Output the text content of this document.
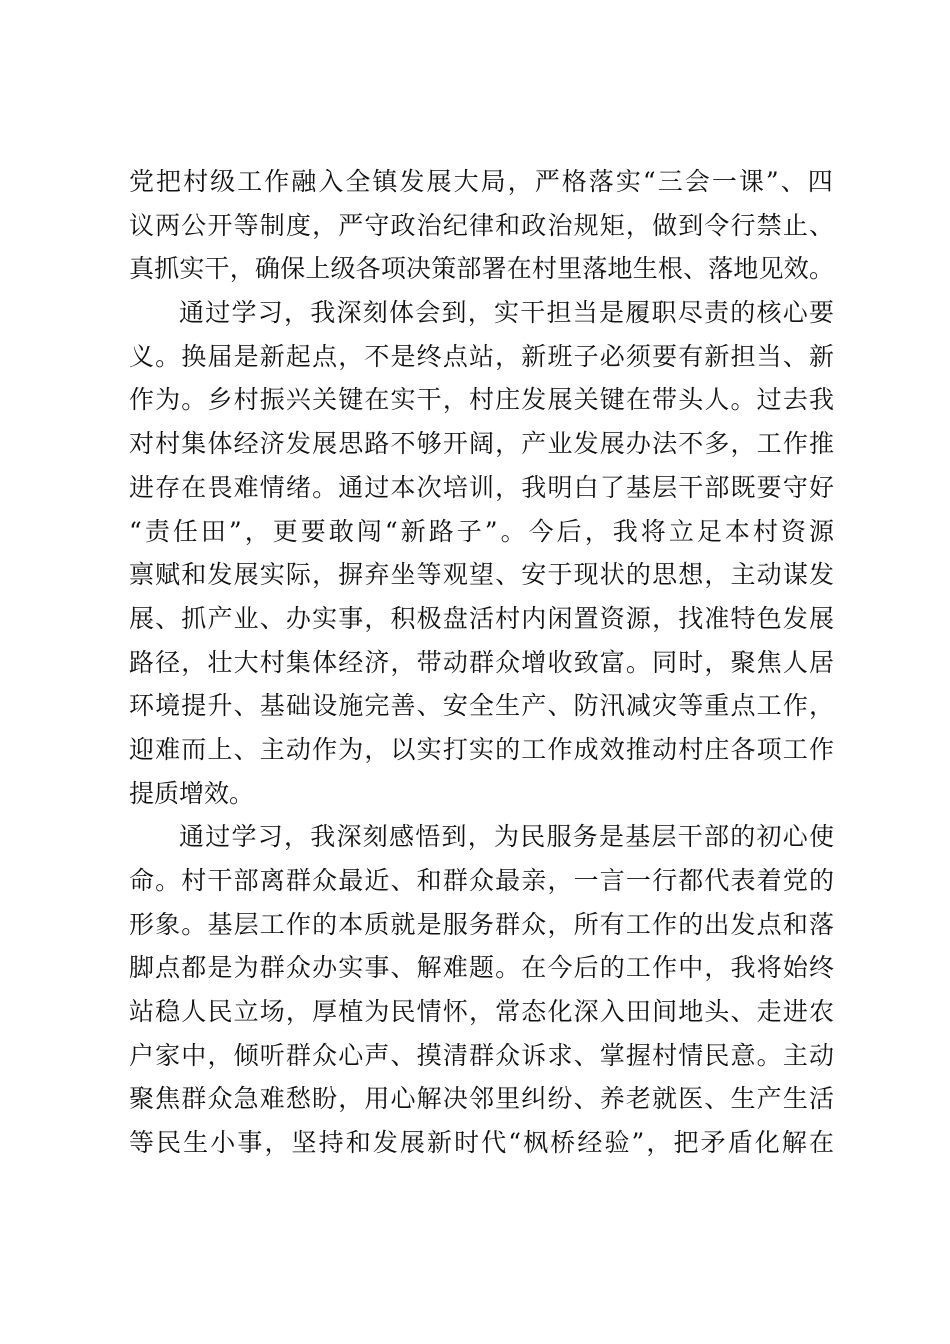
党把村级工作融入全镇发展大局，严格落实“三会一课”、四
议两公开等制度，严守政治纪律和政治规矩，做到令行禁止、
真抓实干，确保上级各项决策部署在村里落地生根、落地见效。

通过学习，我深刻体会到，实干担当是履职尽责的核心要
义。换届是新起点，不是终点站，新班子必须要有新担当、新
作为。乡村振兴关键在实干，村庄发展关键在带头人。过去我
对村集体经济发展思路不够开阔，产业发展办法不多，工作推
进存在畏难情绪。通过本次培训，我明白了基层干部既要守好
“责任田”，更要敢闯“新路子”。今后，我将立足本村资源
禀赋和发展实际，摒弃坐等观望、安于现状的思想，主动谋发
展、抓产业、办实事，积极盘活村内闲置资源，找准特色发展
路径，壮大村集体经济，带动群众增收致富。同时，聚焦人居
环境提升、基础设施完善、安全生产、防汛减灾等重点工作，
迎难而上、主动作为，以实打实的工作成效推动村庄各项工作
提质增效。

通过学习，我深刻感悟到，为民服务是基层干部的初心使
命。村干部离群众最近、和群众最亲，一言一行都代表着党的
形象。基层工作的本质就是服务群众，所有工作的出发点和落
脚点都是为群众办实事、解难题。在今后的工作中，我将始终
站稳人民立场，厚植为民情怀，常态化深入田间地头、走进农
户家中，倾听群众心声、摸清群众诉求、掌握村情民意。主动
聚焦群众急难愁盼，用心解决邻里纠纷、养老就医、生产生活
等民生小事，坚持和发展新时代“枫桥经验”，把矛盾化解在
